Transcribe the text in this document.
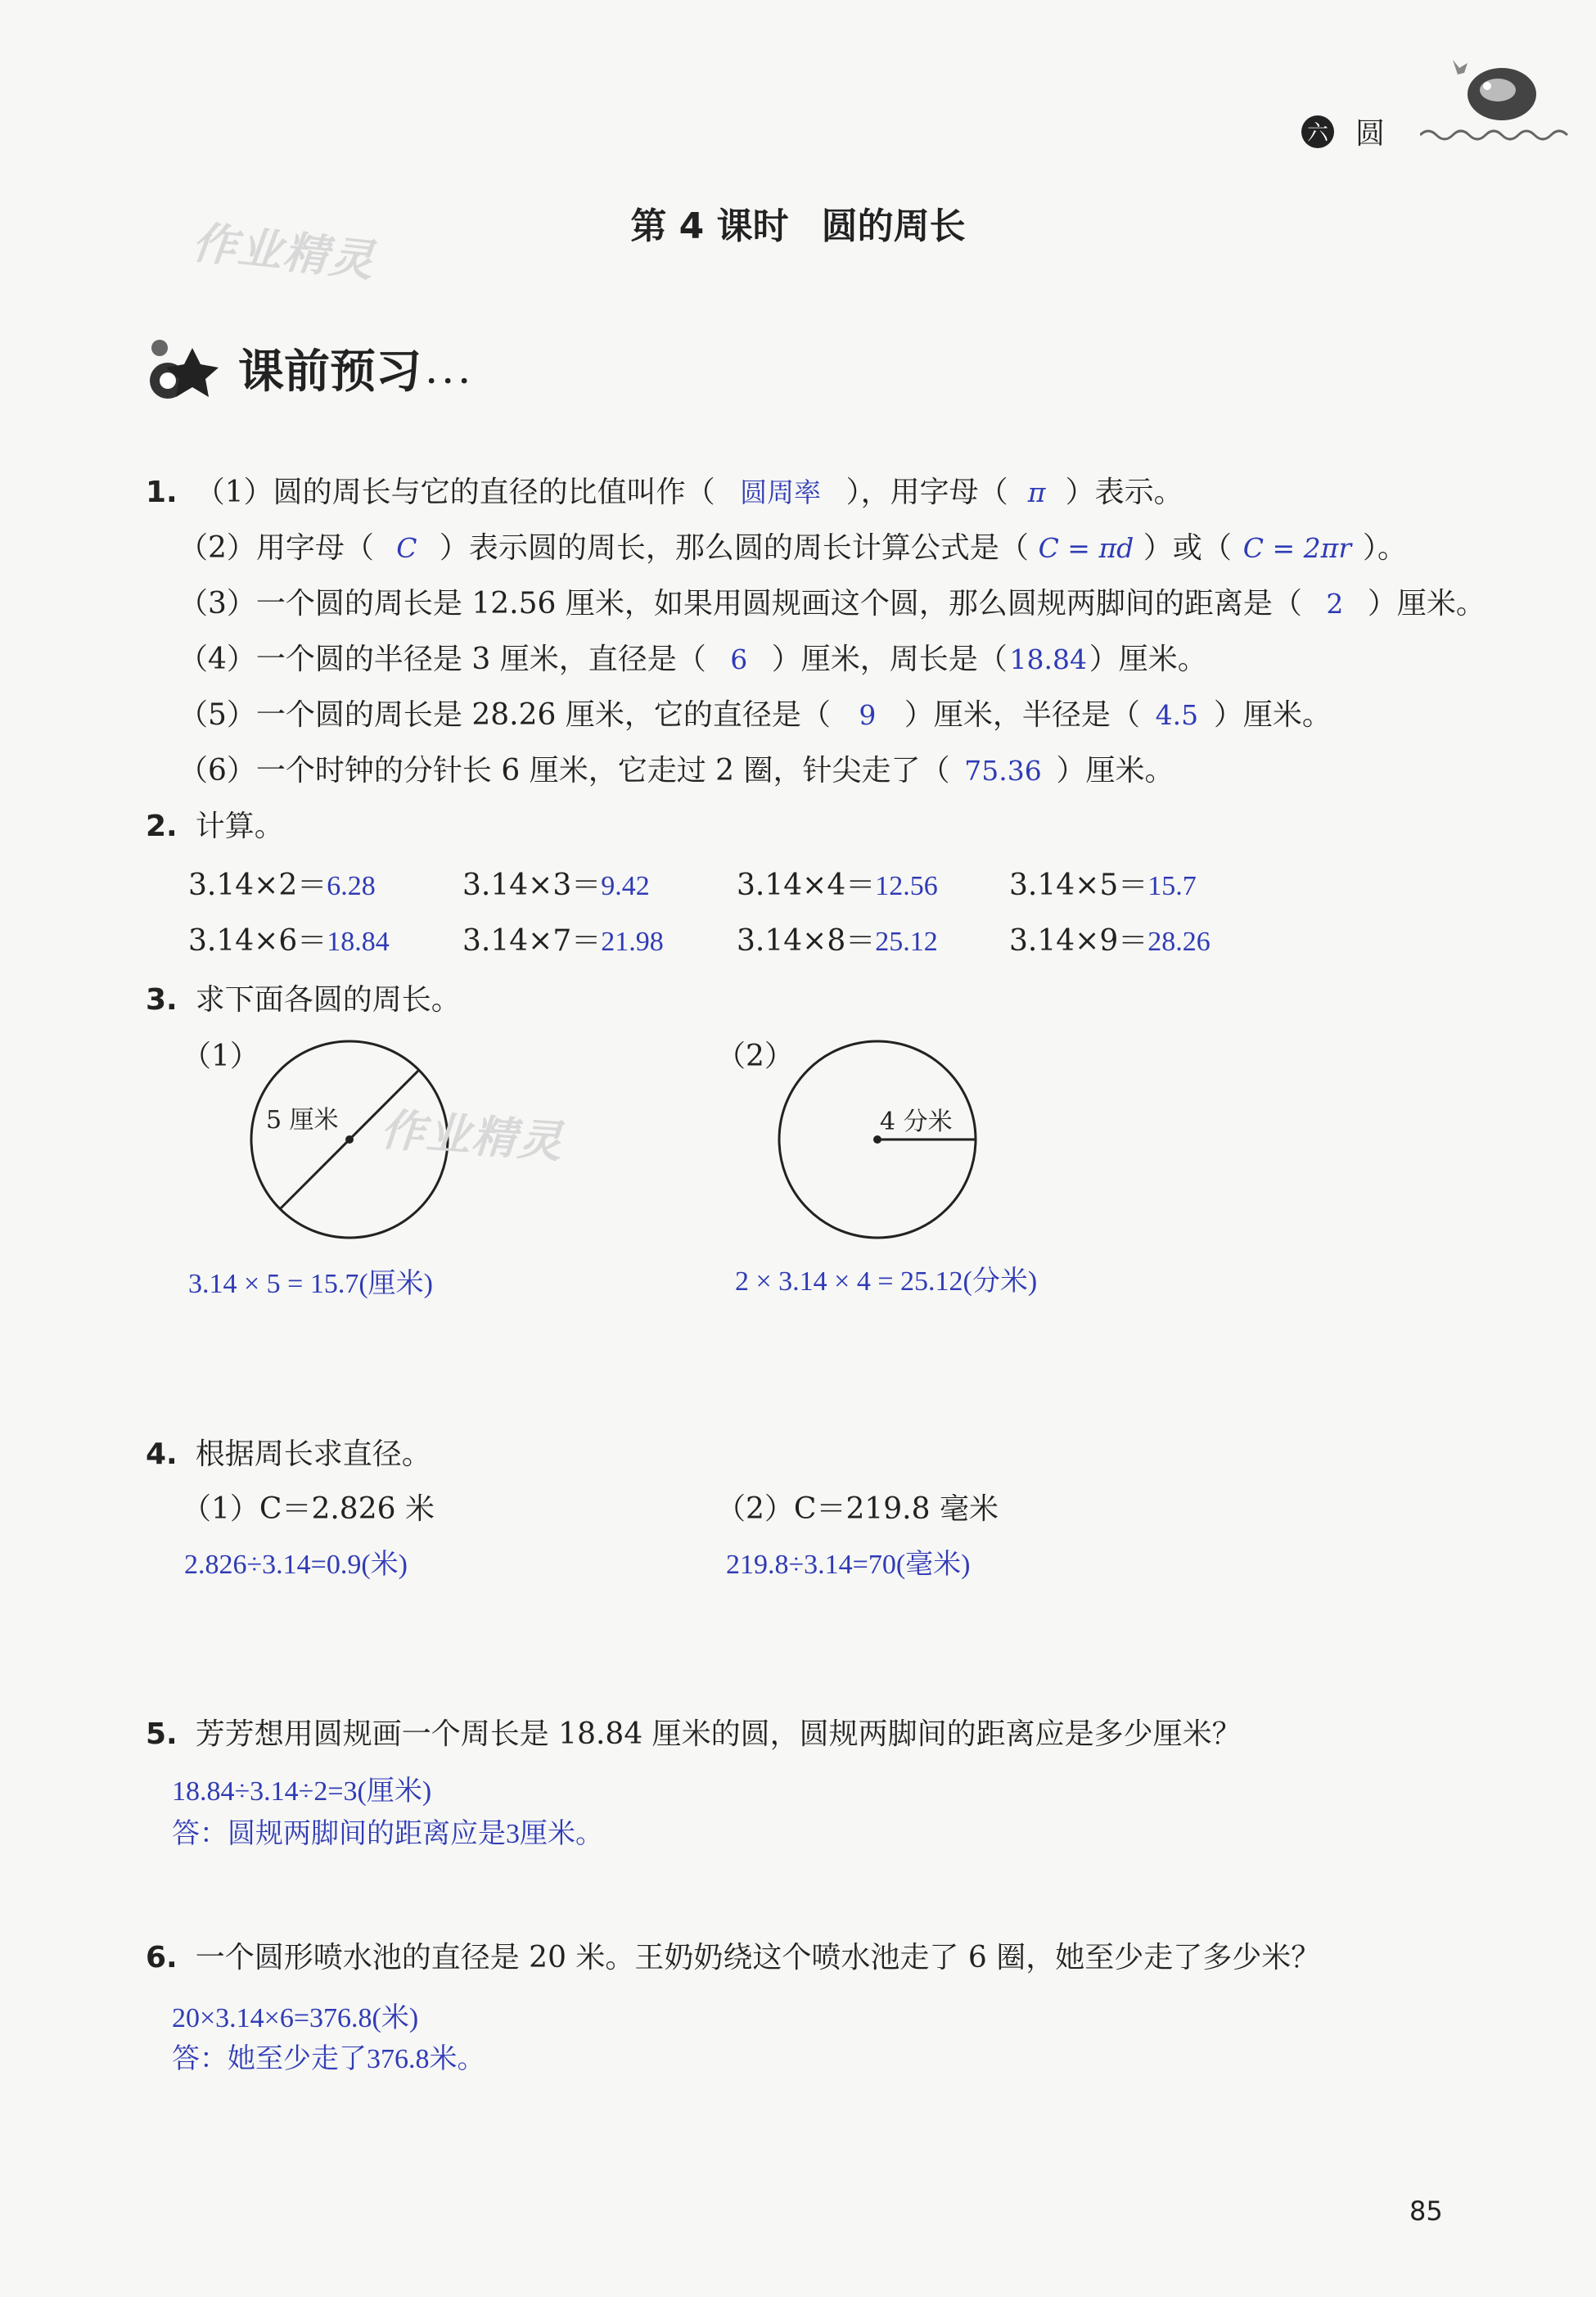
六 圆
作业精灵	第 4 课时 圆的周长
课前预习 ．．．
1. （1）圆的周长与它的直径的比值叫作（ 圆周率 ），用字母（ π ）表示。
（2）用字母（ C ）表示圆的周长，那么圆的周长计算公式是（ C = πd ）或（ C = 2πr ）。
（3）一个圆的周长是 12.56 厘米，如果用圆规画这个圆，那么圆规两脚间的距离是（ 2 ）厘米。
（4）一个圆的半径是 3 厘米，直径是（ 6 ）厘米，周长是（18.84）厘米。
（5）一个圆的周长是 28.26 厘米，它的直径是（ 9 ）厘米，半径是（ 4.5 ）厘米。
（6）一个时钟的分针长 6 厘米，它走过 2 圈，针尖走了（ 75.36 ）厘米。
2. 计算。
3.14×2＝6.28	3.14×3＝9.42	3.14×4＝12.56 3.14×5＝15.7
3.14×6＝18.84 3.14×7＝21.98 3.14×8＝25.12 3.14×9＝28.26
3. 求下面各圆的周长。
（1）
5 厘米
3.14 × 5 = 15.7(厘米)
（2）
4 分米
2 × 3.14 × 4 = 25.12(分米)
作业精灵
4. 根据周长求直径。
（1）C＝2.826 米
2.826÷3.14=0.9(米)
（2）C＝219.8 毫米
219.8÷3.14=70(毫米)
5. 芳芳想用圆规画一个周长是 18.84 厘米的圆，圆规两脚间的距离应是多少厘米？
18.84÷3.14÷2=3(厘米)
答：圆规两脚间的距离应是3厘米。
6. 一个圆形喷水池的直径是 20 米。王奶奶绕这个喷水池走了 6 圈，她至少走了多少米？
20×3.14×6=376.8(米)
答：她至少走了376.8米。
85
